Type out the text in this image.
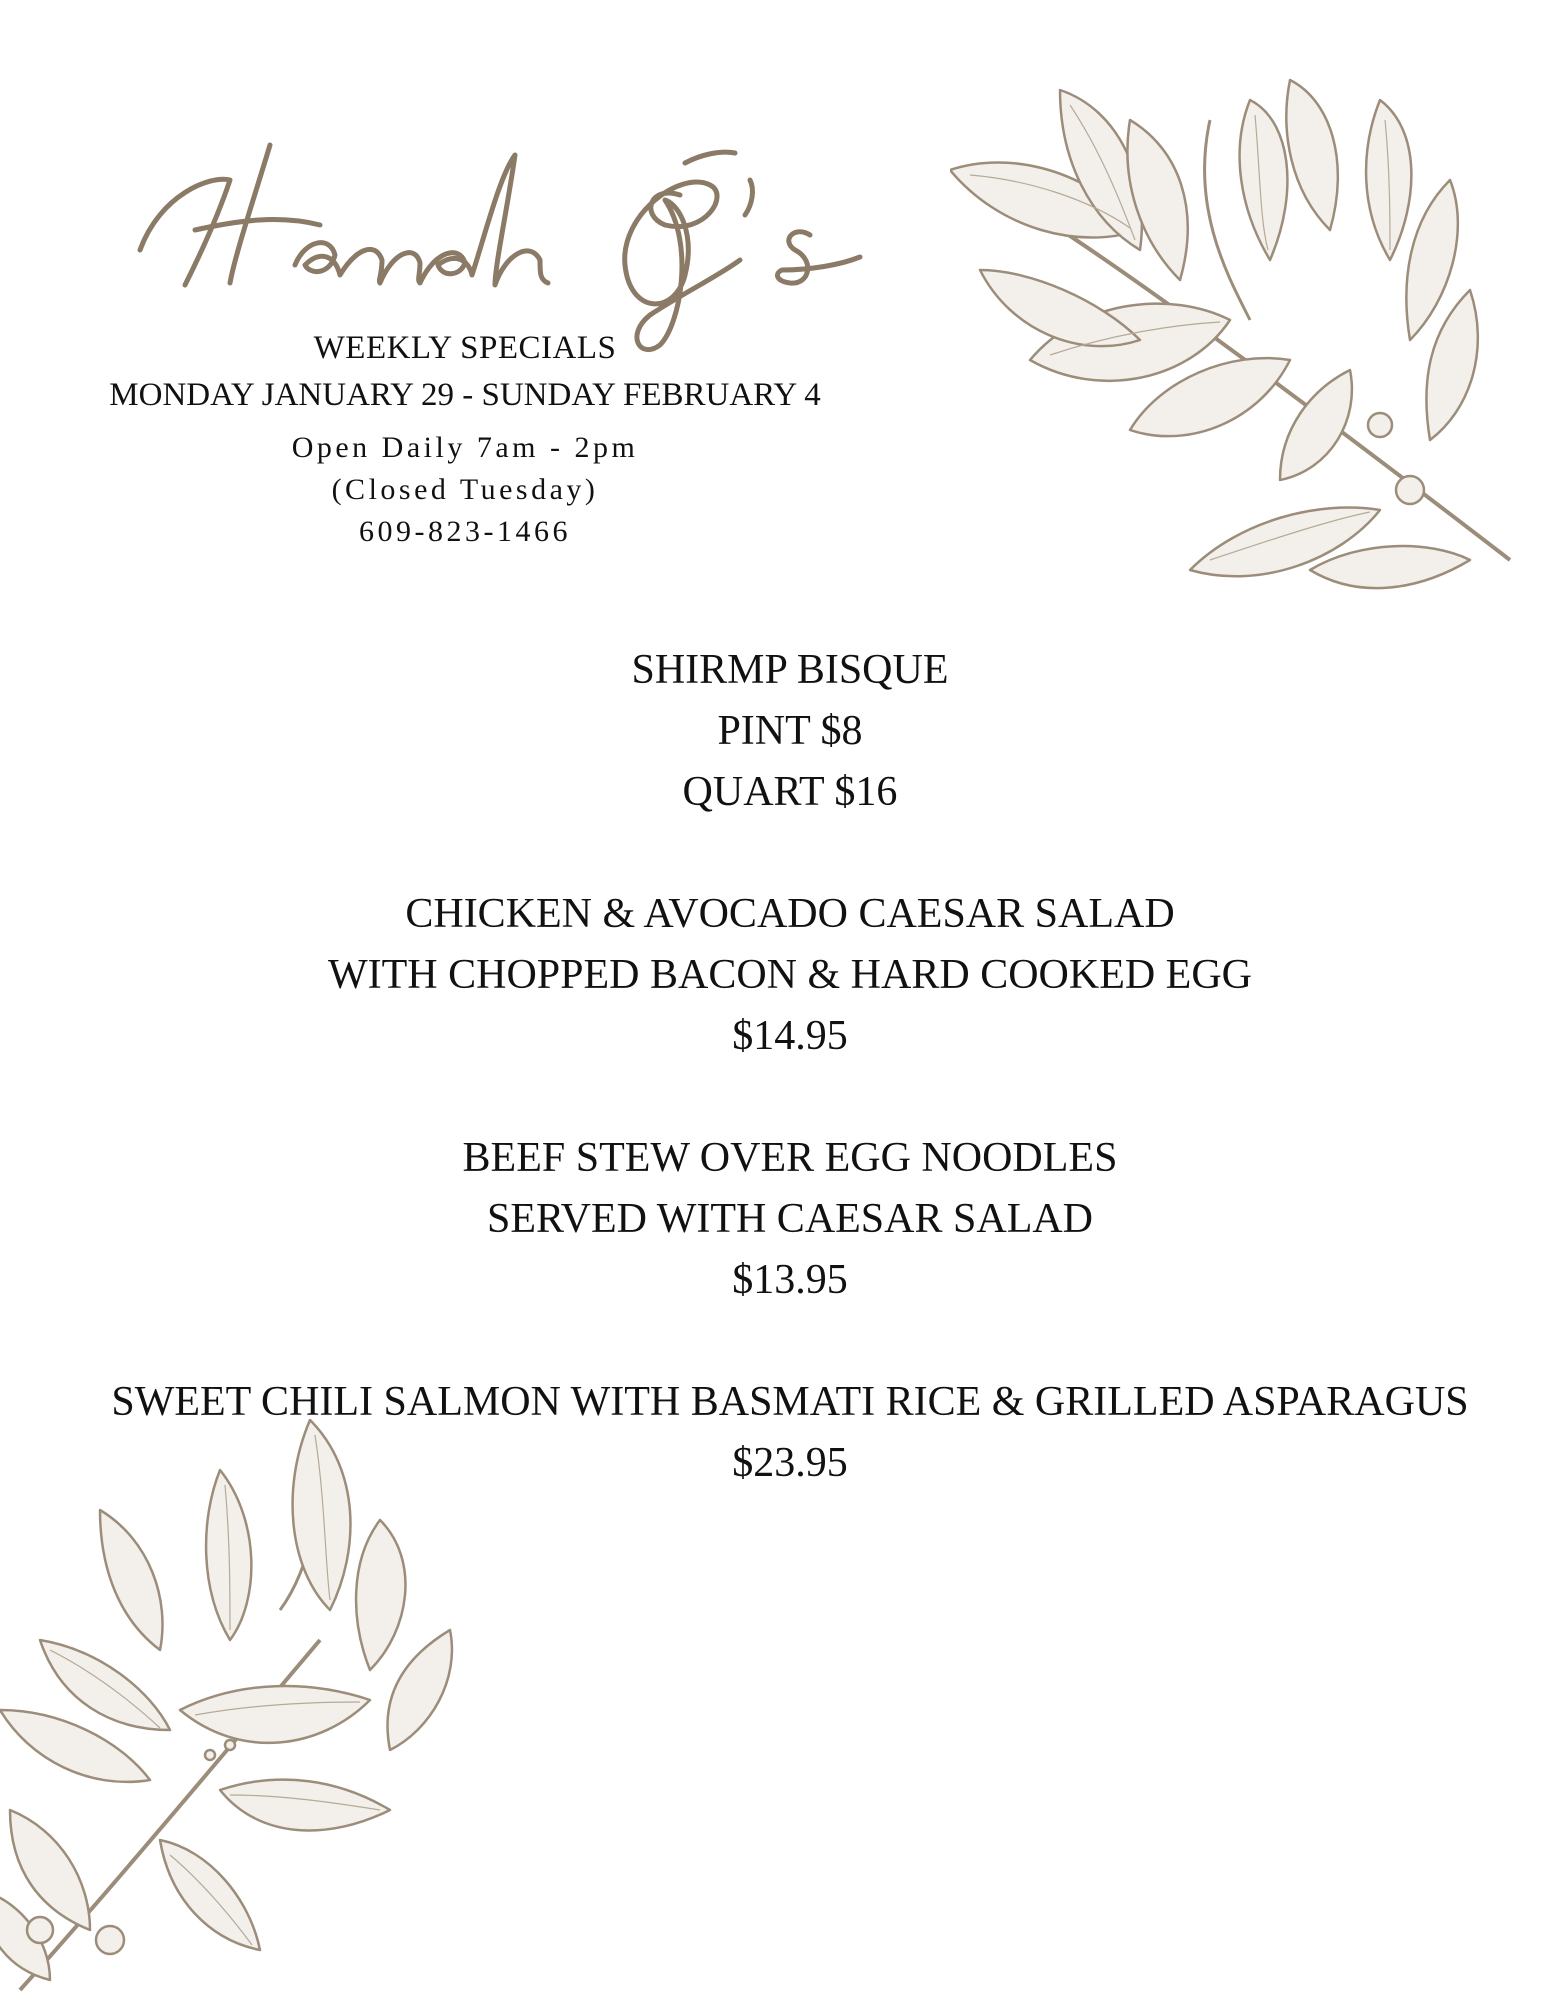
WEEKLY SPECIALS
MONDAY JANUARY 29 - SUNDAY FEBRUARY 4
Open Daily 7am - 2pm
(Closed Tuesday)
609-823-1466
SHIRMP BISQUE
PINT $8
QUART $16
CHICKEN & AVOCADO CAESAR SALAD
WITH CHOPPED BACON & HARD COOKED EGG
$14.95
BEEF STEW OVER EGG NOODLES
SERVED WITH CAESAR SALAD
$13.95
SWEET CHILI SALMON WITH BASMATI RICE & GRILLED ASPARAGUS
$23.95
